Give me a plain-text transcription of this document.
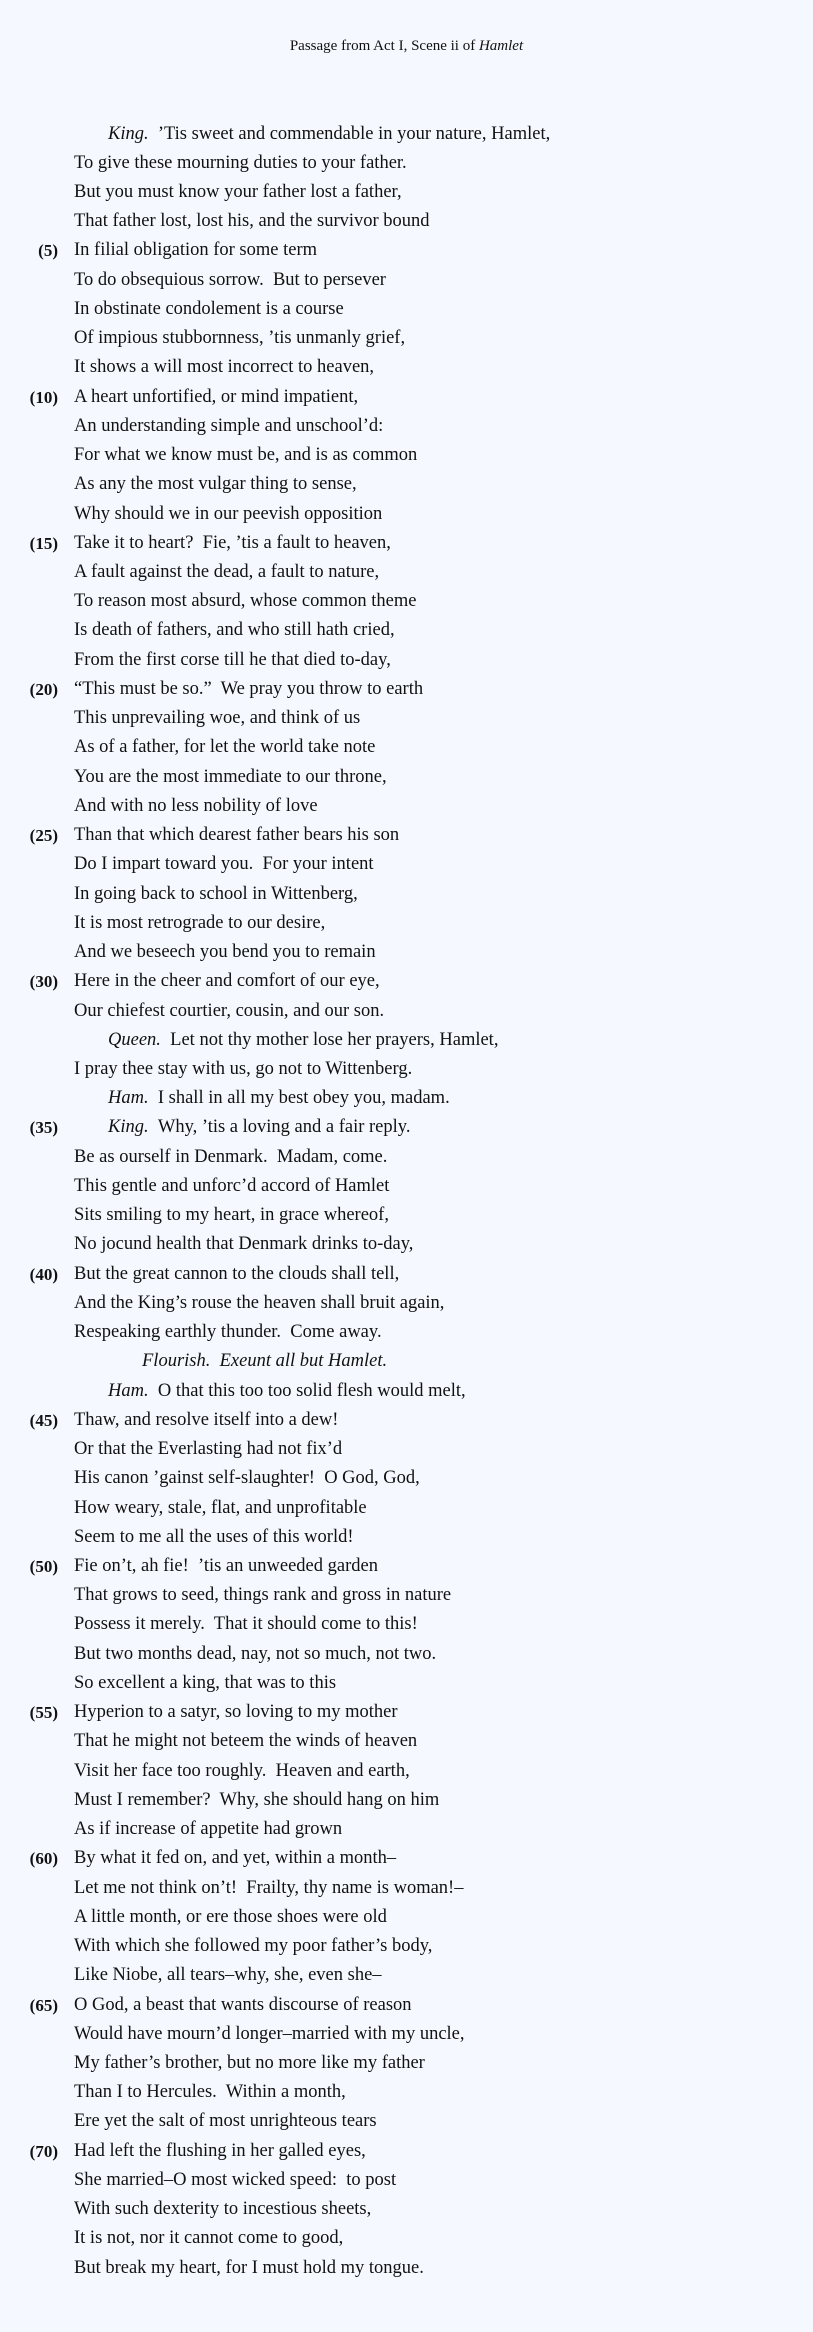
Passage from Act I, Scene ii of Hamlet
King. ’Tis sweet and commendable in your nature, Hamlet,
To give these mourning duties to your father.
But you must know your father lost a father,
That father lost, lost his, and the survivor bound
(5) In filial obligation for some term
To do obsequious sorrow.  But to persever
In obstinate condolement is a course
Of impious stubbornness, ’tis unmanly grief,
It shows a will most incorrect to heaven,
(10) A heart unfortified, or mind impatient,
An understanding simple and unschool’d:
For what we know must be, and is as common
As any the most vulgar thing to sense,
Why should we in our peevish opposition
(15) Take it to heart?  Fie, ’tis a fault to heaven,
A fault against the dead, a fault to nature,
To reason most absurd, whose common theme
Is death of fathers, and who still hath cried,
From the first corse till he that died to-day,
(20) “This must be so.”  We pray you throw to earth
This unprevailing woe, and think of us
As of a father, for let the world take note
You are the most immediate to our throne,
And with no less nobility of love
(25) Than that which dearest father bears his son
Do I impart toward you.  For your intent
In going back to school in Wittenberg,
It is most retrograde to our desire,
And we beseech you bend you to remain
(30) Here in the cheer and comfort of our eye,
Our chiefest courtier, cousin, and our son.
Queen. Let not thy mother lose her prayers, Hamlet,
I pray thee stay with us, go not to Wittenberg.
Ham. I shall in all my best obey you, madam.
(35)	King. Why, ’tis a loving and a fair reply.
Be as ourself in Denmark.  Madam, come.
This gentle and unforc’d accord of Hamlet
Sits smiling to my heart, in grace whereof,
No jocund health that Denmark drinks to-day,
(40) But the great cannon to the clouds shall tell,
And the King’s rouse the heaven shall bruit again,
Respeaking earthly thunder.  Come away.
Flourish.  Exeunt all but Hamlet.
Ham. O that this too too solid flesh would melt,
(45) Thaw, and resolve itself into a dew!
Or that the Everlasting had not fix’d
His canon ’gainst self-slaughter!  O God, God,
How weary, stale, flat, and unprofitable
Seem to me all the uses of this world!
(50) Fie on’t, ah fie!  ’tis an unweeded garden
That grows to seed, things rank and gross in nature
Possess it merely.  That it should come to this!
But two months dead, nay, not so much, not two.
So excellent a king, that was to this
(55) Hyperion to a satyr, so loving to my mother
That he might not beteem the winds of heaven
Visit her face too roughly.  Heaven and earth,
Must I remember?  Why, she should hang on him
As if increase of appetite had grown
(60) By what it fed on, and yet, within a month–
Let me not think on’t!  Frailty, thy name is woman!–
A little month, or ere those shoes were old
With which she followed my poor father’s body,
Like Niobe, all tears–why, she, even she–
(65) O God, a beast that wants discourse of reason
Would have mourn’d longer–married with my uncle,
My father’s brother, but no more like my father
Than I to Hercules.  Within a month,
Ere yet the salt of most unrighteous tears
(70) Had left the flushing in her galled eyes,
She married–O most wicked speed:  to post
With such dexterity to incestious sheets,
It is not, nor it cannot come to good,
But break my heart, for I must hold my tongue.
